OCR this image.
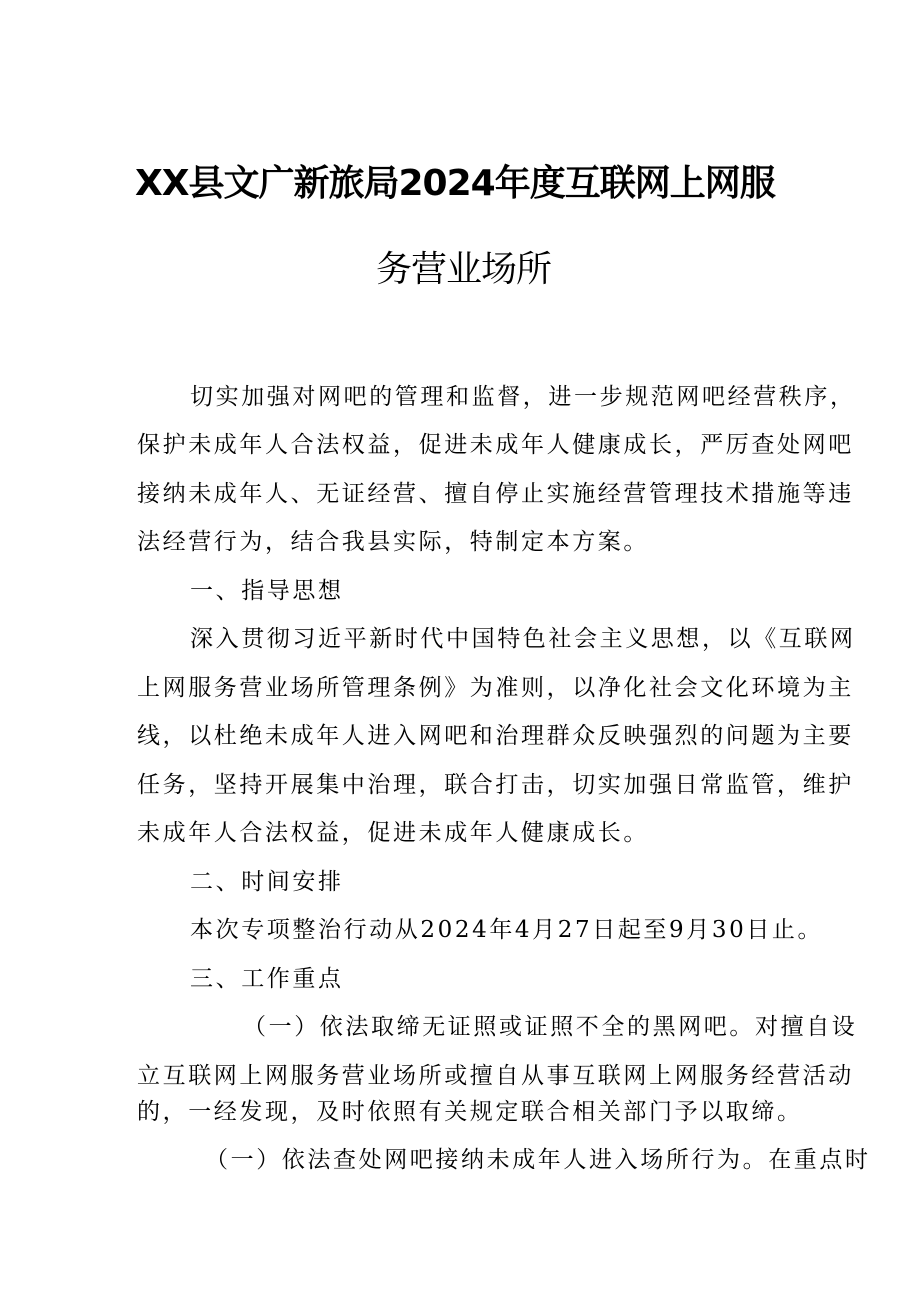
XX县文广新旅局2024年度互联网上网服
务营业场所
切实加强对网吧的管理和监督，进一步规范网吧经营秩序，
保护未成年人合法权益，促进未成年人健康成长，严厉查处网吧
接纳未成年人、无证经营、擅自停止实施经营管理技术措施等违
法经营行为，结合我县实际，特制定本方案。
一、指导思想
深入贯彻习近平新时代中国特色社会主义思想，以《互联网
上网服务营业场所管理条例》为准则，以净化社会文化环境为主
线，以杜绝未成年人进入网吧和治理群众反映强烈的问题为主要
任务，坚持开展集中治理，联合打击，切实加强日常监管，维护
未成年人合法权益，促进未成年人健康成长。
二、时间安排
本次专项整治行动从2024年4月27日起至9月30日止。
三、工作重点
（一）依法取缔无证照或证照不全的黑网吧。对擅自设
立互联网上网服务营业场所或擅自从事互联网上网服务经营活动
的，一经发现，及时依照有关规定联合相关部门予以取缔。
（一）依法查处网吧接纳未成年人进入场所行为。在重点时
